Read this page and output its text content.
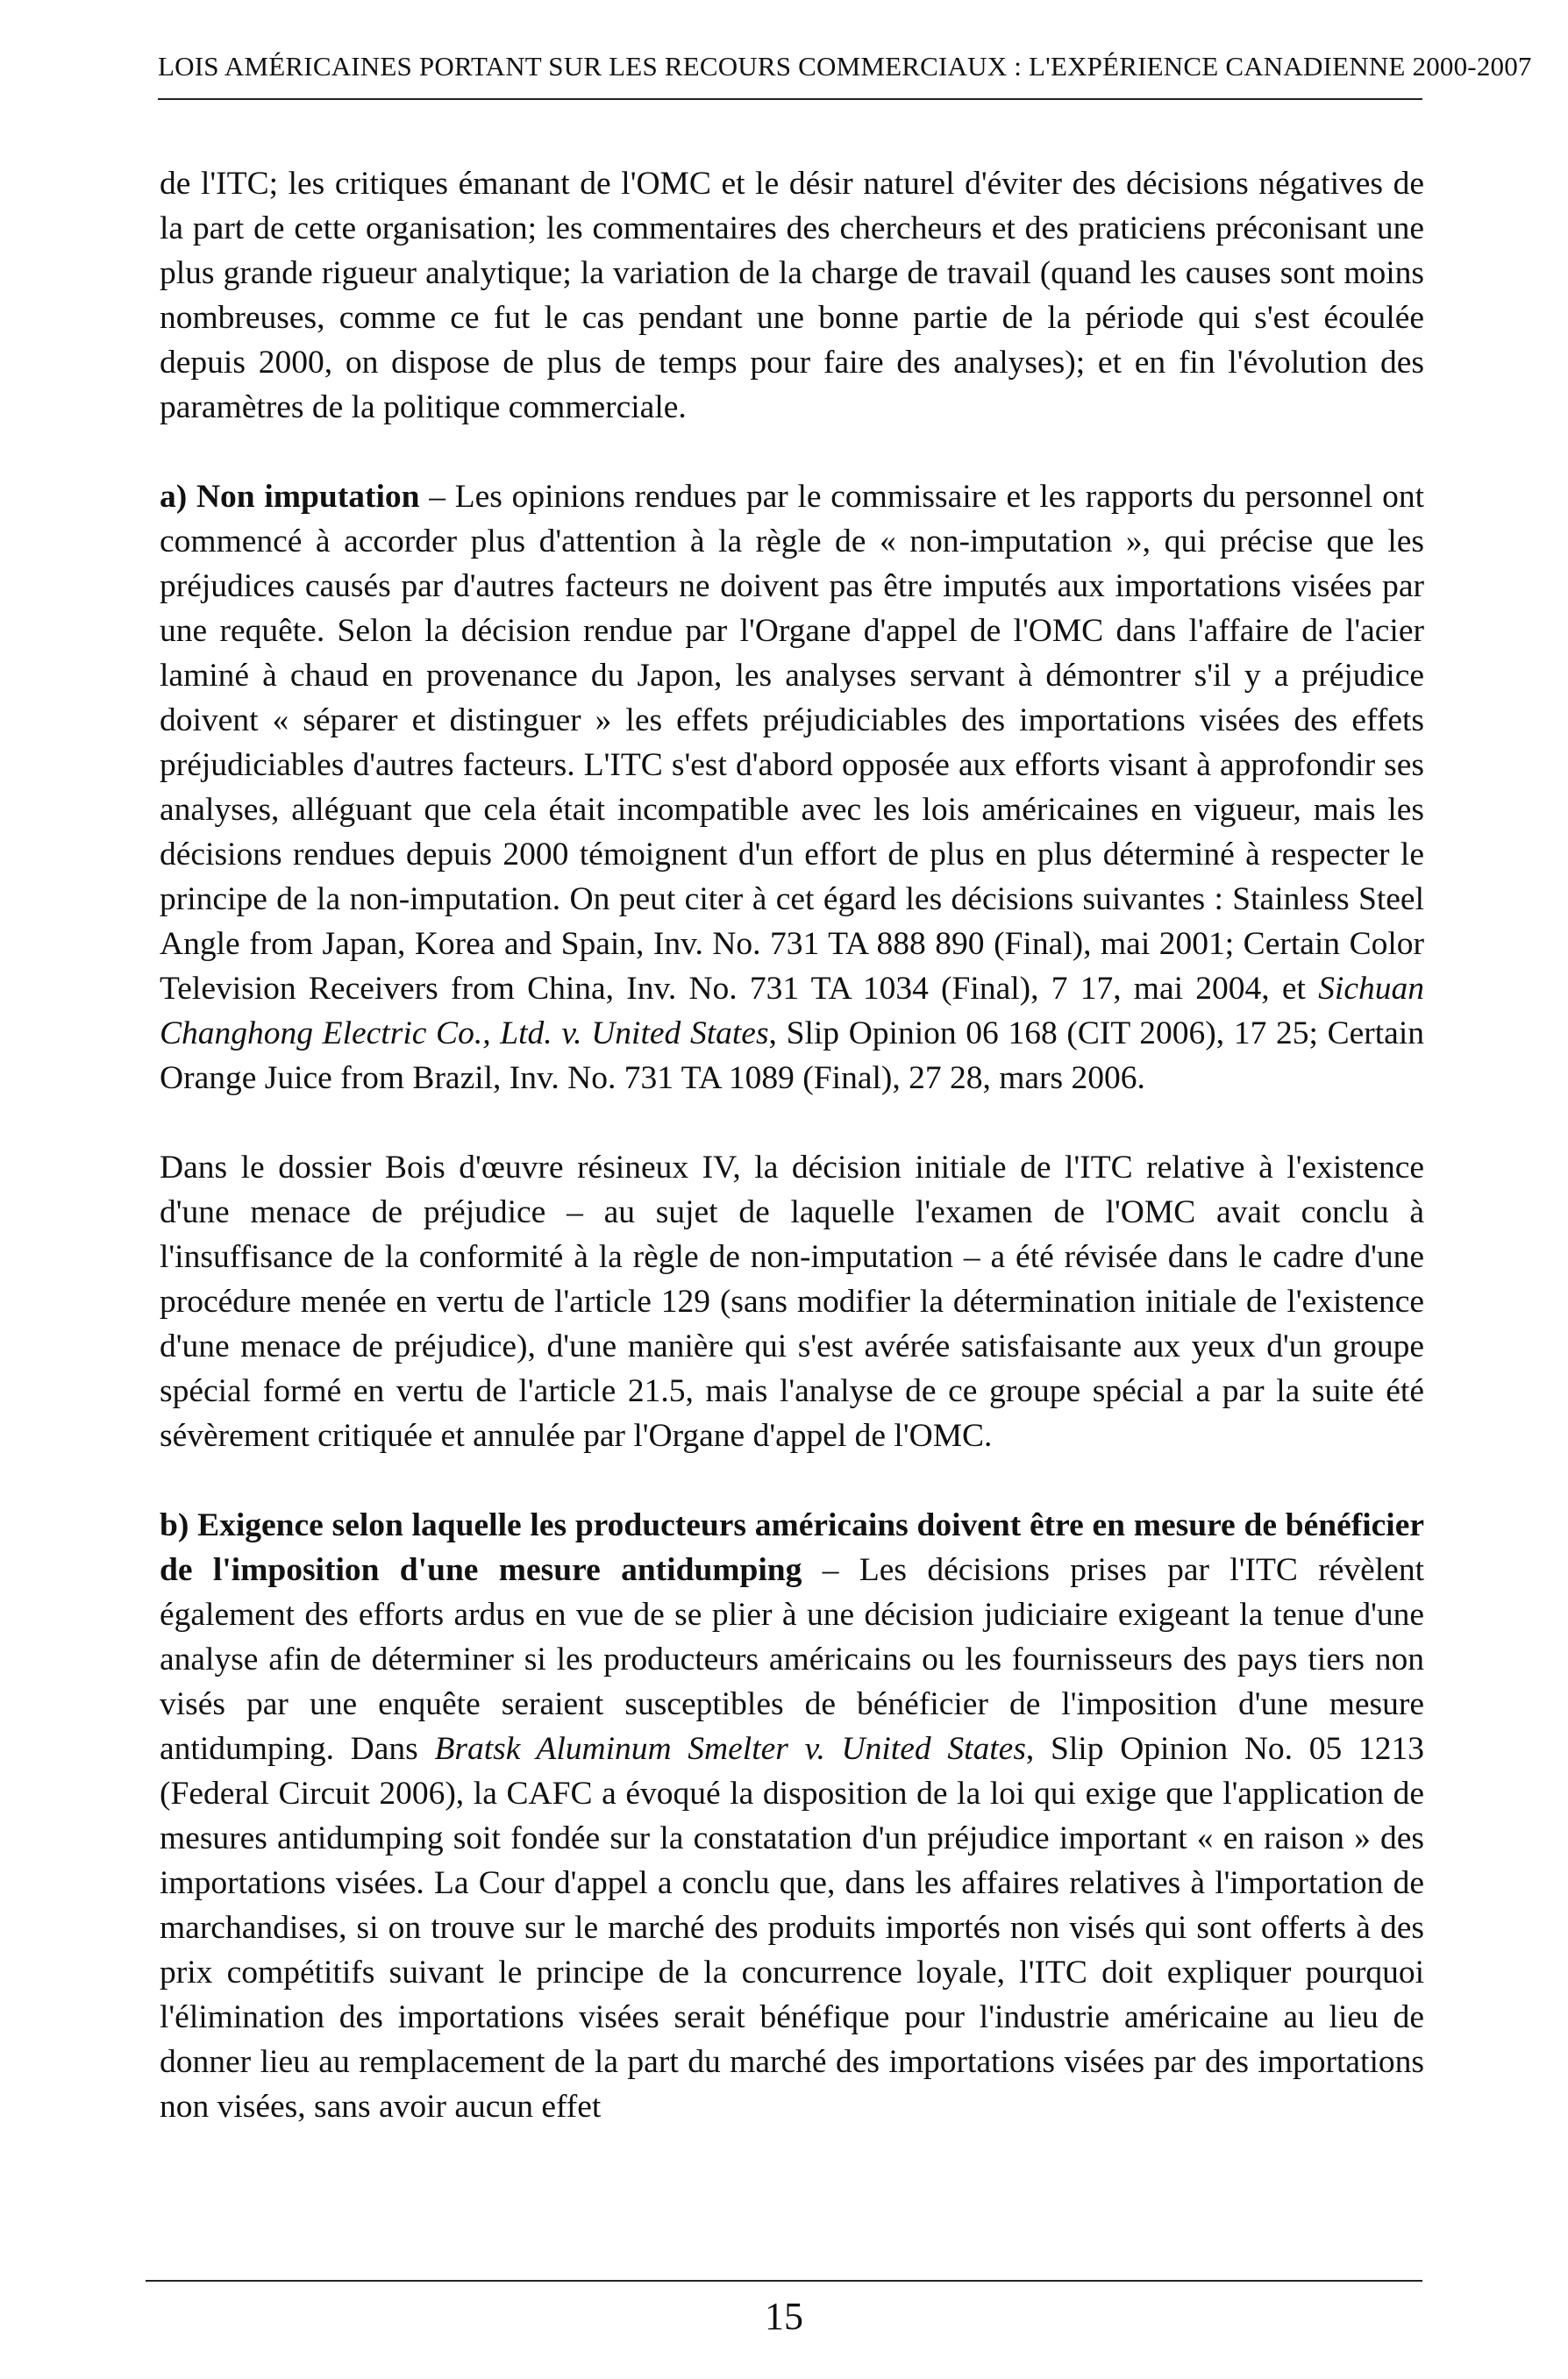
LOIS AMÉRICAINES PORTANT SUR LES RECOURS COMMERCIAUX : L'EXPÉRIENCE CANADIENNE 2000-2007

de l'ITC; les critiques émanant de l'OMC et le désir naturel d'éviter des décisions négatives de la part de cette organisation; les commentaires des chercheurs et des praticiens préconisant une plus grande rigueur analytique; la variation de la charge de travail (quand les causes sont moins nombreuses, comme ce fut le cas pendant une bonne partie de la période qui s'est écoulée depuis 2000, on dispose de plus de temps pour faire des analyses); et en fin l'évolution des paramètres de la politique commerciale.

a) Non imputation – Les opinions rendues par le commissaire et les rapports du personnel ont commencé à accorder plus d'attention à la règle de « non-imputation », qui précise que les préjudices causés par d'autres facteurs ne doivent pas être imputés aux importations visées par une requête. Selon la décision rendue par l'Organe d'appel de l'OMC dans l'affaire de l'acier laminé à chaud en provenance du Japon, les analyses servant à démontrer s'il y a préjudice doivent « séparer et distinguer » les effets préjudiciables des importations visées des effets préjudiciables d'autres facteurs. L'ITC s'est d'abord opposée aux efforts visant à approfondir ses analyses, alléguant que cela était incompatible avec les lois américaines en vigueur, mais les décisions rendues depuis 2000 témoignent d'un effort de plus en plus déterminé à respecter le principe de la non-imputation. On peut citer à cet égard les décisions suivantes : Stainless Steel Angle from Japan, Korea and Spain, Inv. No. 731 TA 888 890 (Final), mai 2001; Certain Color Television Receivers from China, Inv. No. 731 TA 1034 (Final), 7 17, mai 2004, et Sichuan Changhong Electric Co., Ltd. v. United States, Slip Opinion 06 168 (CIT 2006), 17 25; Certain Orange Juice from Brazil, Inv. No. 731 TA 1089 (Final), 27 28, mars 2006.

Dans le dossier Bois d'œuvre résineux IV, la décision initiale de l'ITC relative à l'existence d'une menace de préjudice – au sujet de laquelle l'examen de l'OMC avait conclu à l'insuffisance de la conformité à la règle de non-imputation – a été révisée dans le cadre d'une procédure menée en vertu de l'article 129 (sans modifier la détermination initiale de l'existence d'une menace de préjudice), d'une manière qui s'est avérée satisfaisante aux yeux d'un groupe spécial formé en vertu de l'article 21.5, mais l'analyse de ce groupe spécial a par la suite été sévèrement critiquée et annulée par l'Organe d'appel de l'OMC.

b) Exigence selon laquelle les producteurs américains doivent être en mesure de bénéficier de l'imposition d'une mesure antidumping – Les décisions prises par l'ITC révèlent également des efforts ardus en vue de se plier à une décision judiciaire exigeant la tenue d'une analyse afin de déterminer si les producteurs américains ou les fournisseurs des pays tiers non visés par une enquête seraient susceptibles de bénéficier de l'imposition d'une mesure antidumping. Dans Bratsk Aluminum Smelter v. United States, Slip Opinion No. 05 1213 (Federal Circuit 2006), la CAFC a évoqué la disposition de la loi qui exige que l'application de mesures antidumping soit fondée sur la constatation d'un préjudice important « en raison » des importations visées. La Cour d'appel a conclu que, dans les affaires relatives à l'importation de marchandises, si on trouve sur le marché des produits importés non visés qui sont offerts à des prix compétitifs suivant le principe de la concurrence loyale, l'ITC doit expliquer pourquoi l'élimination des importations visées serait bénéfique pour l'industrie américaine au lieu de donner lieu au remplacement de la part du marché des importations visées par des importations non visées, sans avoir aucun effet

15
